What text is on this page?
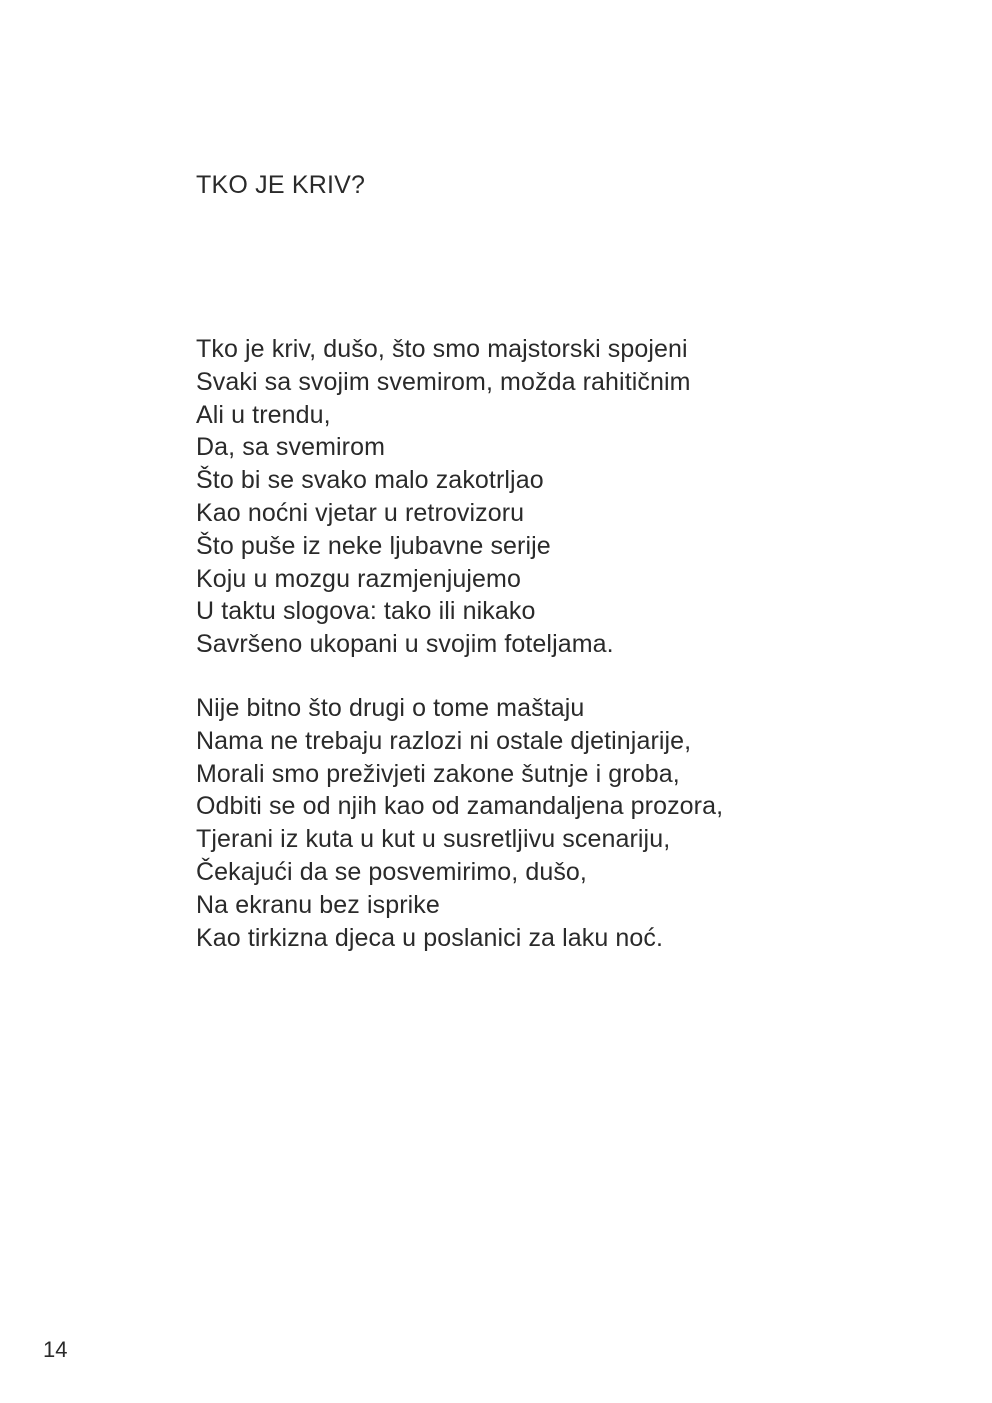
TKO JE KRIV?
Tko je kriv, dušo, što smo majstorski spojeni
Svaki sa svojim svemirom, možda rahitičnim
Ali u trendu,
Da, sa svemirom
Što bi se svako malo zakotrljao
Kao noćni vjetar u retrovizoru
Što puše iz neke ljubavne serije
Koju u mozgu razmjenjujemo
U taktu slogova: tako ili nikako
Savršeno ukopani u svojim foteljama.
Nije bitno što drugi o tome maštaju
Nama ne trebaju razlozi ni ostale djetinjarije,
Morali smo preživjeti zakone šutnje i groba,
Odbiti se od njih kao od zamandaljena prozora,
Tjerani iz kuta u kut u susretljivu scenariju,
Čekajući da se posvemirimo, dušo,
Na ekranu bez isprike
Kao tirkizna djeca u poslanici za laku noć.
14
